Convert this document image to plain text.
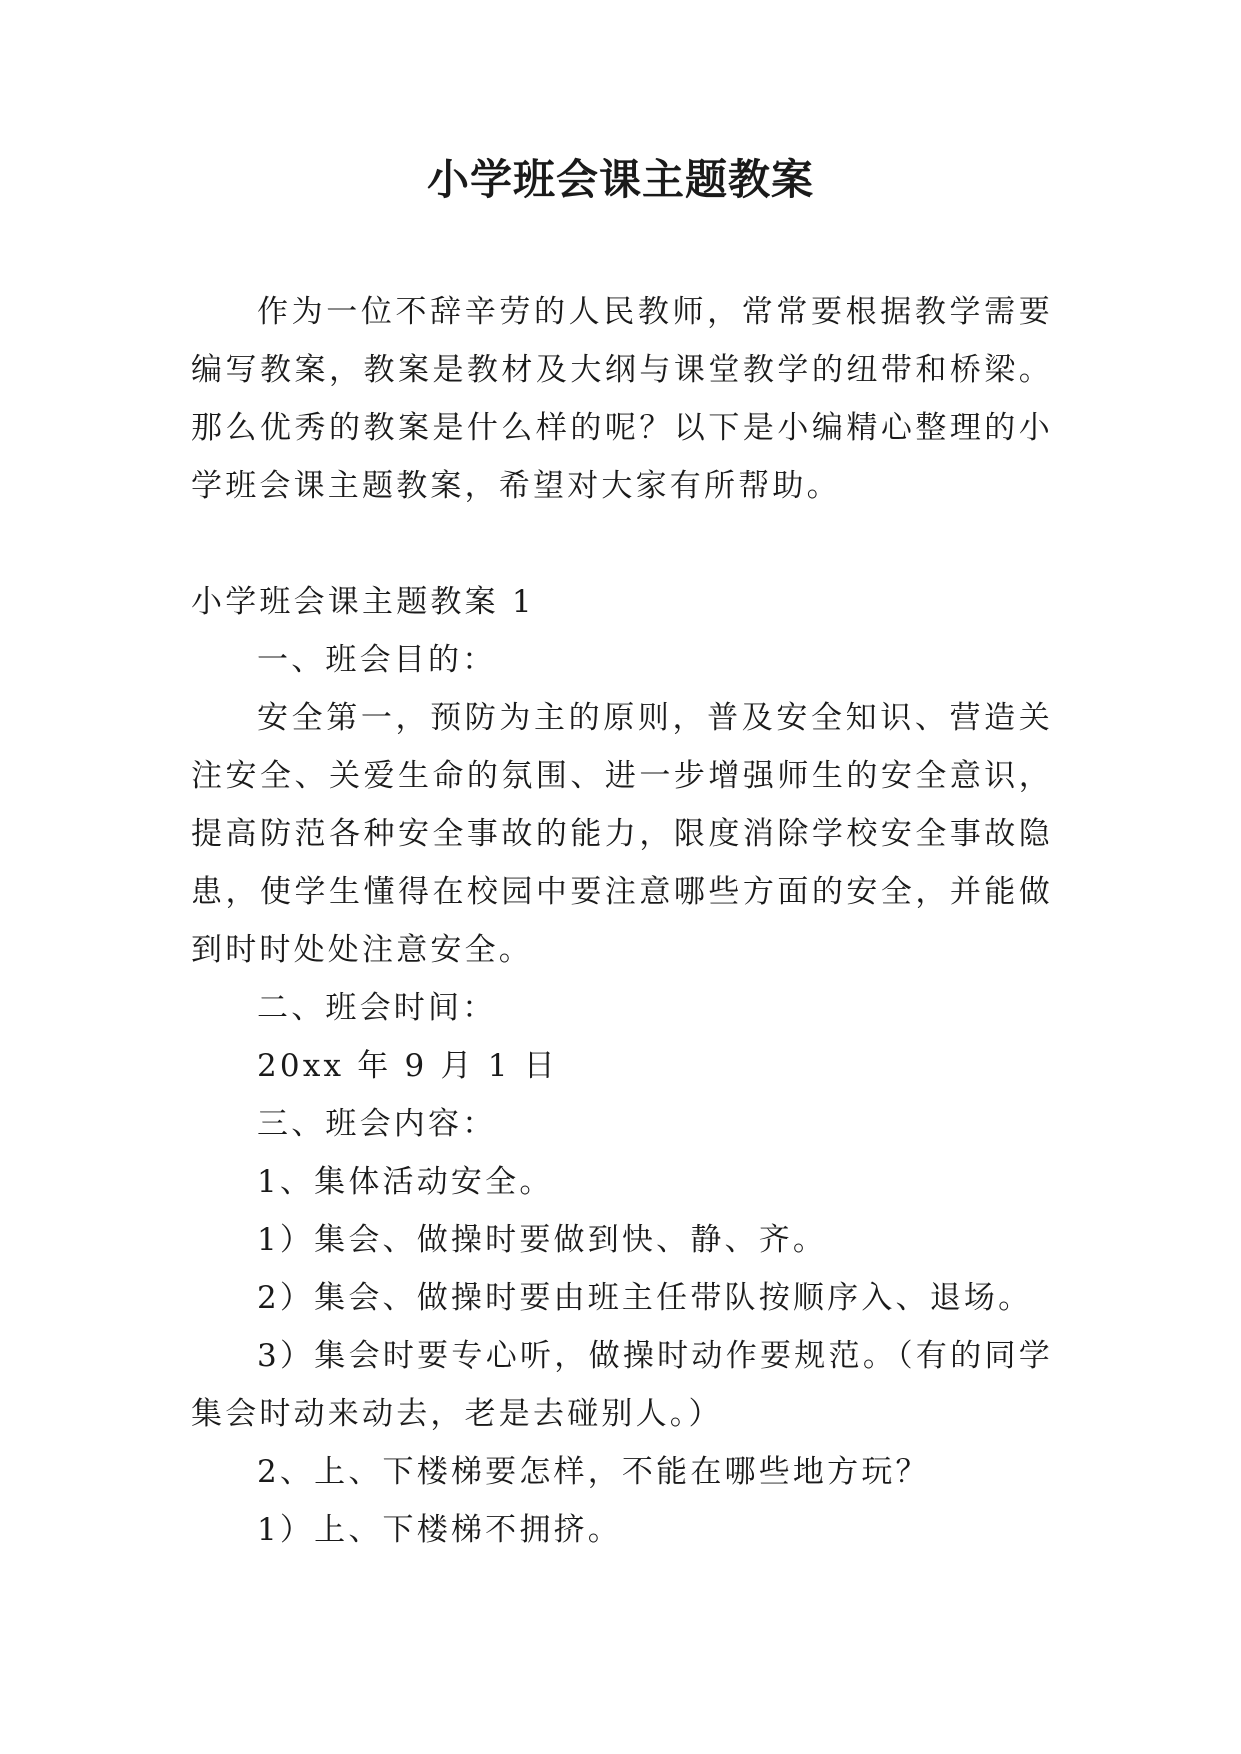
小学班会课主题教案

作为一位不辞辛劳的人民教师，常常要根据教学需要编写教案，教案是教材及大纲与课堂教学的纽带和桥梁。那么优秀的教案是什么样的呢？以下是小编精心整理的小学班会课主题教案，希望对大家有所帮助。

小学班会课主题教案 1

一、班会目的：

安全第一，预防为主的原则，普及安全知识、营造关注安全、关爱生命的氛围、进一步增强师生的安全意识，提高防范各种安全事故的能力，限度消除学校安全事故隐患，使学生懂得在校园中要注意哪些方面的安全，并能做到时时处处注意安全。

二、班会时间：

20xx 年 9 月 1 日

三、班会内容：

1、集体活动安全。

1）集会、做操时要做到快、静、齐。

2）集会、做操时要由班主任带队按顺序入、退场。

3）集会时要专心听，做操时动作要规范。（有的同学集会时动来动去，老是去碰别人。）

2、上、下楼梯要怎样，不能在哪些地方玩？

1）上、下楼梯不拥挤。
